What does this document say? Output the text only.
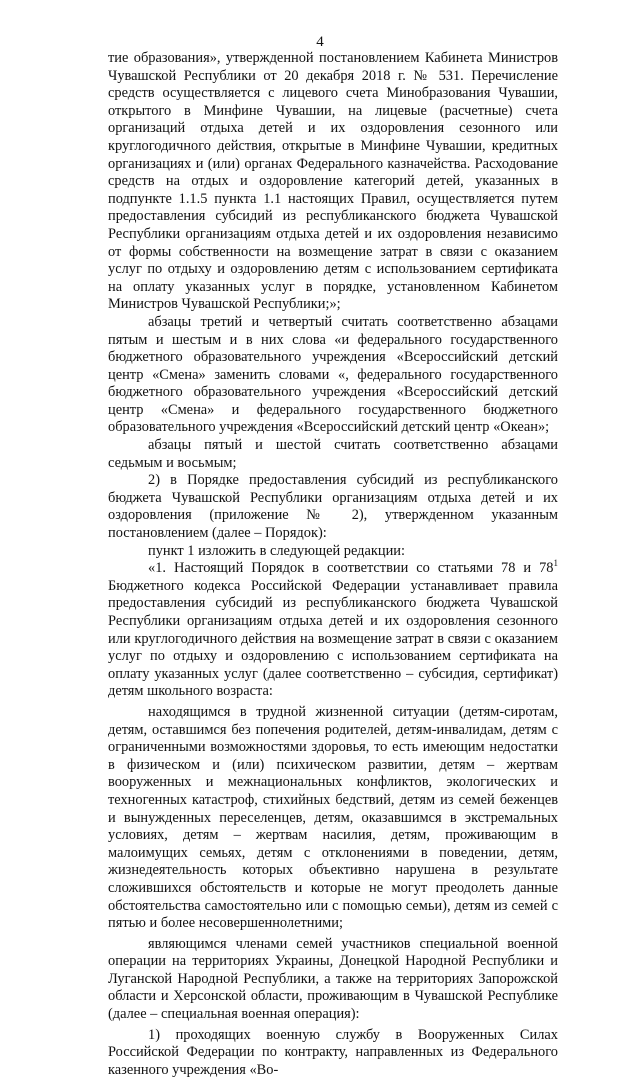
4

тие образования», утвержденной постановлением Кабинета Министров Чувашской Республики от 20 декабря 2018 г. № 531. Перечисление средств осуществляется с лицевого счета Минобразования Чувашии, открытого в Минфине Чувашии, на лицевые (расчетные) счета организаций отдыха детей и их оздоровления сезонного или круглогодичного действия, открытые в Минфине Чувашии, кредитных организациях и (или) органах Федерального казначейства. Расходование средств на отдых и оздоровление категорий детей, указанных в подпункте 1.1.5 пункта 1.1 настоящих Правил, осуществляется путем предоставления субсидий из республиканского бюджета Чувашской Республики организациям отдыха детей и их оздоровления независимо от формы собственности на возмещение затрат в связи с оказанием услуг по отдыху и оздоровлению детям с использованием сертификата на оплату указанных услуг в порядке, установленном Кабинетом Министров Чувашской Республики;»;

абзацы третий и четвертый считать соответственно абзацами пятым и шестым и в них слова «и федерального государственного бюджетного образовательного учреждения «Всероссийский детский центр «Смена» заменить словами «, федерального государственного бюджетного образовательного учреждения «Всероссийский детский центр «Смена» и федерального государственного бюджетного образовательного учреждения «Всероссийский детский центр «Океан»;

абзацы пятый и шестой считать соответственно абзацами седьмым и восьмым;

2) в Порядке предоставления субсидий из республиканского бюджета Чувашской Республики организациям отдыха детей и их оздоровления (приложение № 2), утвержденном указанным постановлением (далее – Порядок):

пункт 1 изложить в следующей редакции:

«1. Настоящий Порядок в соответствии со статьями 78 и 78$^1$ Бюджетного кодекса Российской Федерации устанавливает правила предоставления субсидий из республиканского бюджета Чувашской Республики организациям отдыха детей и их оздоровления сезонного или круглогодичного действия на возмещение затрат в связи с оказанием услуг по отдыху и оздоровлению с использованием сертификата на оплату указанных услуг (далее соответственно – субсидия, сертификат) детям школьного возраста:

находящимся в трудной жизненной ситуации (детям-сиротам, детям, оставшимся без попечения родителей, детям-инвалидам, детям с ограниченными возможностями здоровья, то есть имеющим недостатки в физическом и (или) психическом развитии, детям – жертвам вооруженных и межнациональных конфликтов, экологических и техногенных катастроф, стихийных бедствий, детям из семей беженцев и вынужденных переселенцев, детям, оказавшимся в экстремальных условиях, детям – жертвам насилия, детям, проживающим в малоимущих семьях, детям с отклонениями в поведении, детям, жизнедеятельность которых объективно нарушена в результате сложившихся обстоятельств и которые не могут преодолеть данные обстоятельства самостоятельно или с помощью семьи), детям из семей с пятью и более несовершеннолетними;

являющимся членами семей участников специальной военной операции на территориях Украины, Донецкой Народной Республики и Луганской Народной Республики, а также на территориях Запорожской области и Херсонской области, проживающим в Чувашской Республике (далее – специальная военная операция):

1) проходящих военную службу в Вооруженных Силах Российской Федерации по контракту, направленных из Федерального казенного учреждения «Во-
